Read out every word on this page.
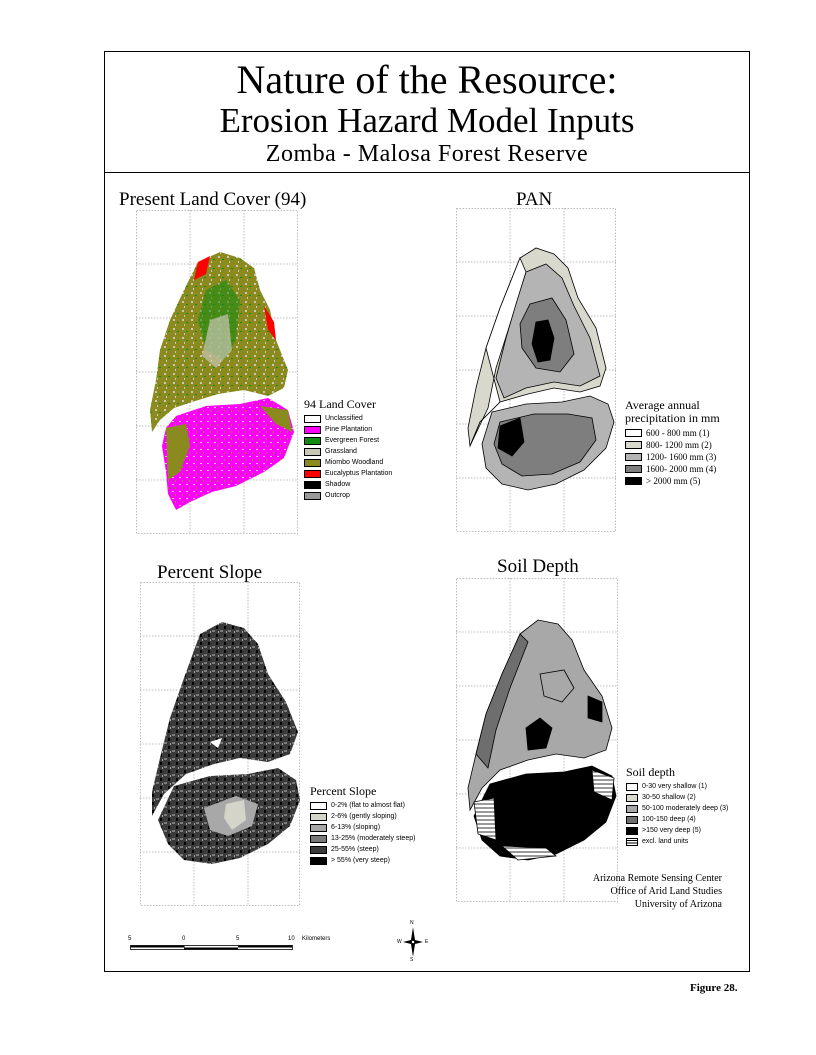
Nature of the Resource:
Erosion Hazard Model Inputs
Zomba - Malosa Forest Reserve
Present Land Cover (94)
94 Land Cover
Unclassified
Pine Plantation
Evergreen Forest
Grassland
Miombo Woodland
Eucalyptus Plantation
Shadow
Outcrop
PAN
Average annual
precipitation in mm
600 - 800 mm (1)
800- 1200 mm (2)
1200- 1600 mm (3)
1600- 2000 mm (4)
> 2000 mm (5)
Percent Slope
Percent Slope
0-2% (flat to almost flat)
2-6% (gently sloping)
6-13% (sloping)
13-25% (moderately steep)
25-55% (steep)
> 55% (very steep)
Soil Depth
Soil depth
0-30 very shallow (1)
30-50 shallow (2)
50-100 moderately deep (3)
100-150 deep (4)
>150 very deep (5)
excl. land units
5	0	5	10 Kilometers
N
S
W	E
Arizona Remote Sensing Center
Office of Arid Land Studies
University of Arizona
Figure 28.
